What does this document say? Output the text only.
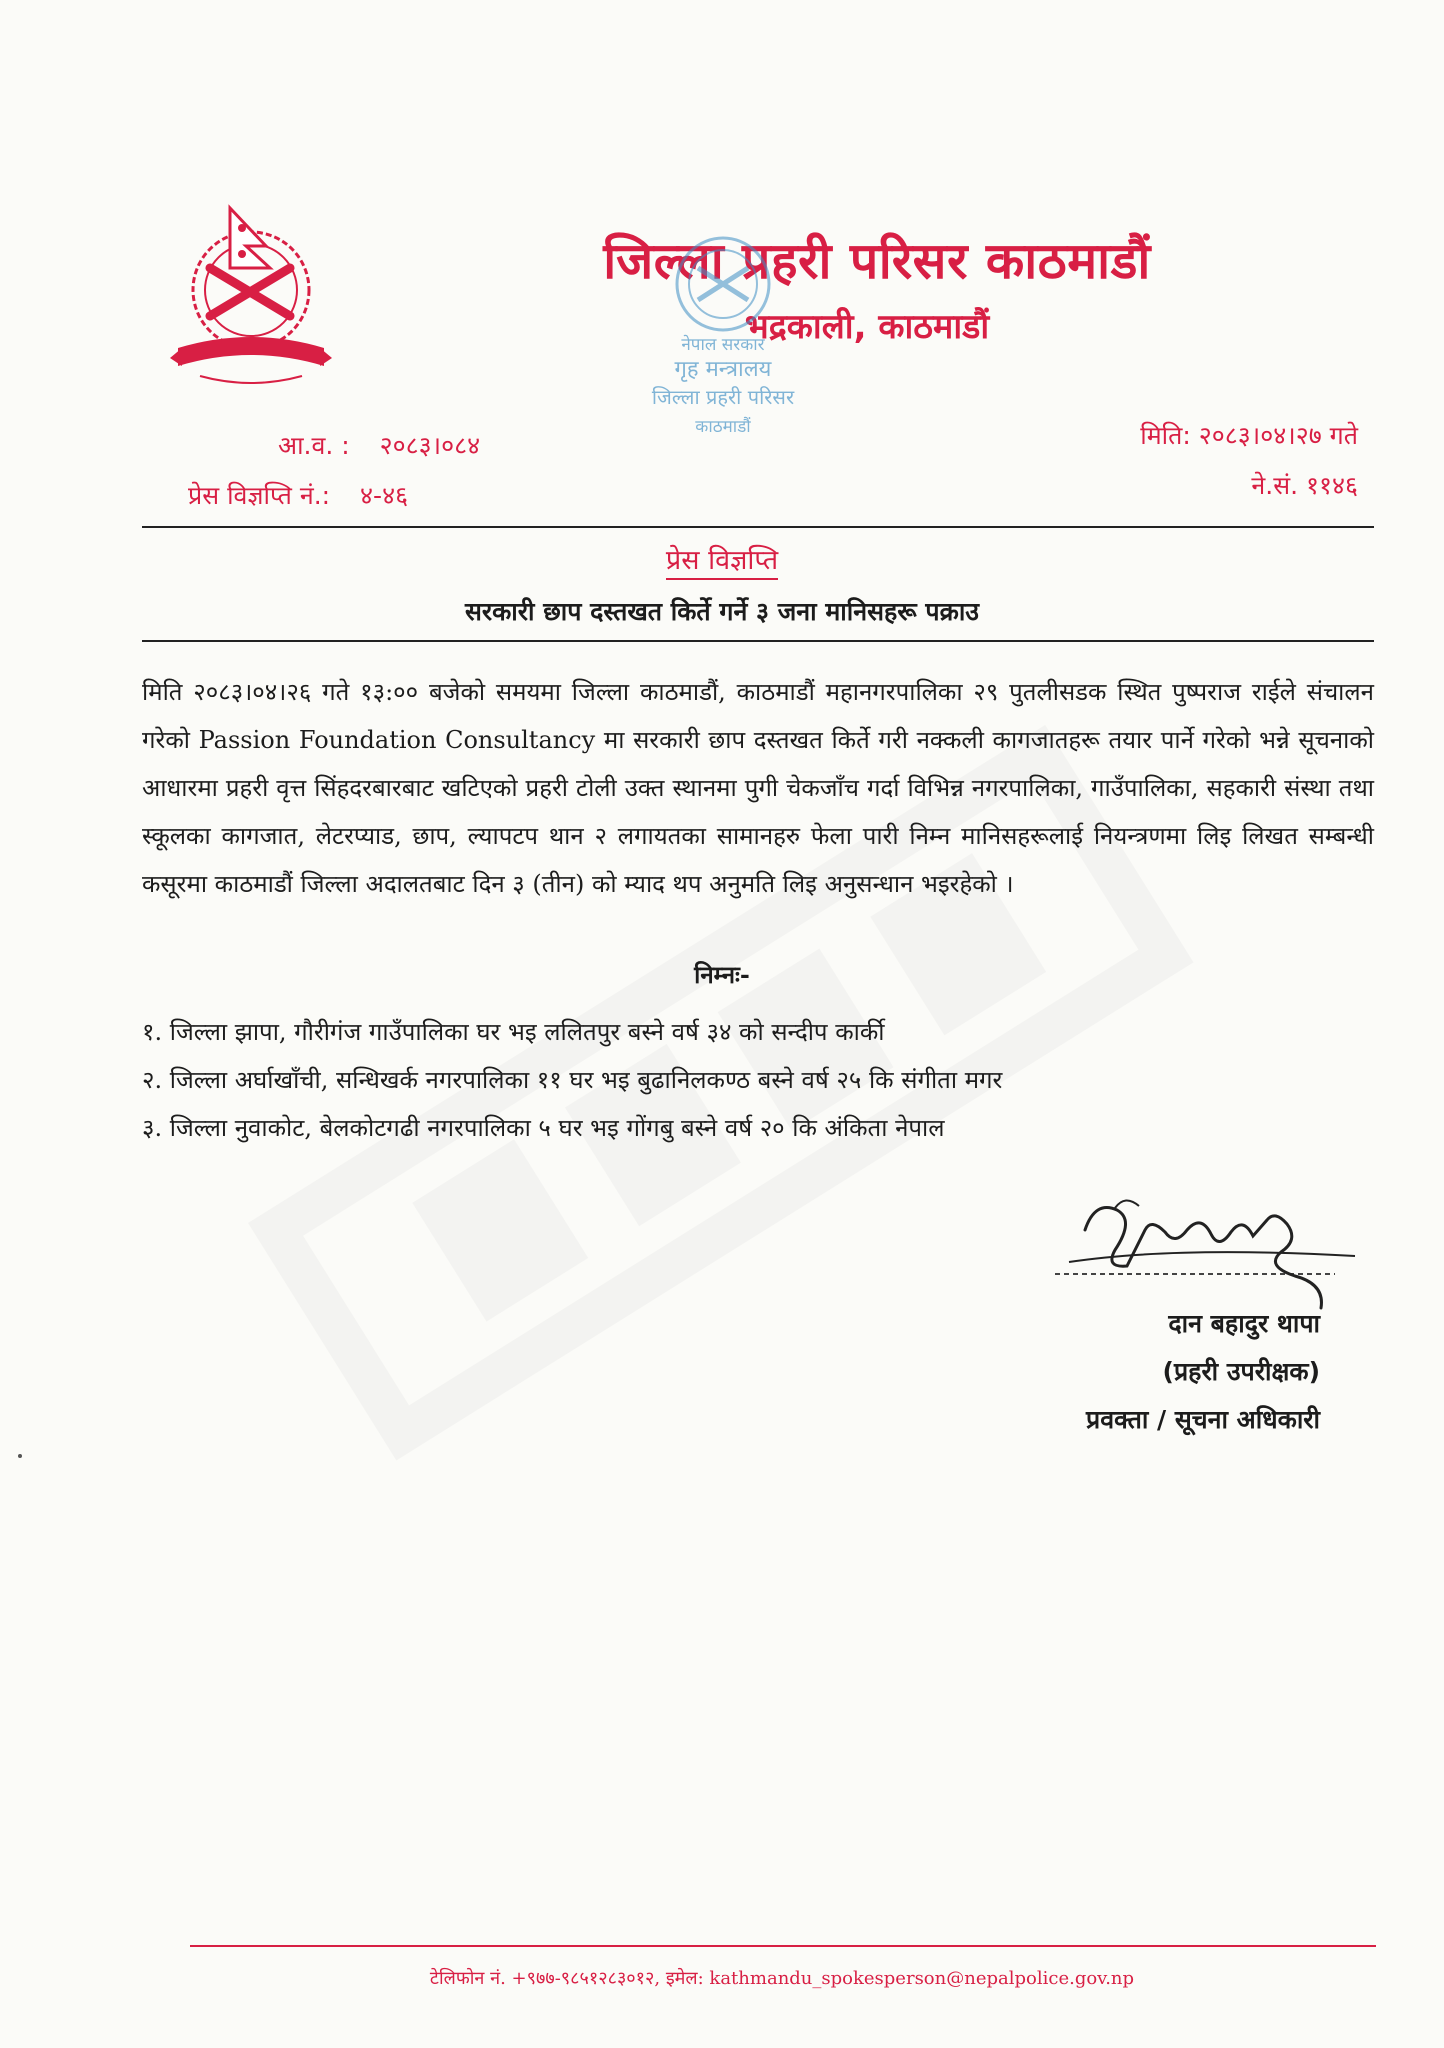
जिल्ला प्रहरी परिसर काठमाडौं
भद्रकाली, काठमाडौं
नेपाल सरकार
गृह मन्त्रालय
जिल्ला प्रहरी परिसर
काठमाडौं
आ.व. : २०८३।०८४
प्रेस विज्ञप्ति नं.: ४-४६
मिति: २०८३।०४।२७ गते
ने.सं. ११४६
प्रेस विज्ञप्ति
सरकारी छाप दस्तखत किर्ते गर्ने ३ जना मानिसहरू पक्राउ

मिति २०८३।०४।२६ गते १३:०० बजेको समयमा जिल्ला काठमाडौं, काठमाडौं महानगरपालिका २९ पुतलीसडक स्थित पुष्पराज राईले संचालन गरेको Passion Foundation Consultancy मा सरकारी छाप दस्तखत किर्ते गरी नक्कली कागजातहरू तयार पार्ने गरेको भन्ने सूचनाको आधारमा प्रहरी वृत्त सिंहदरबारबाट खटिएको प्रहरी टोली उक्त स्थानमा पुगी चेकजाँच गर्दा विभिन्न नगरपालिका, गाउँपालिका, सहकारी संस्था तथा स्कूलका कागजात, लेटरप्याड, छाप, ल्यापटप थान २ लगायतका सामानहरु फेला पारी निम्न मानिसहरूलाई नियन्त्रणमा लिइ लिखत सम्बन्धी कसूरमा काठमाडौं जिल्ला अदालतबाट दिन ३ (तीन) को म्याद थप अनुमति लिइ अनुसन्धान भइरहेको ।

निम्नः-
१. जिल्ला झापा, गौरीगंज गाउँपालिका घर भइ ललितपुर बस्ने वर्ष ३४ को सन्दीप कार्की
२. जिल्ला अर्घाखाँची, सन्धिखर्क नगरपालिका ११ घर भइ बुढानिलकण्ठ बस्ने वर्ष २५ कि संगीता मगर
३. जिल्ला नुवाकोट, बेलकोटगढी नगरपालिका ५ घर भइ गोंगबु बस्ने वर्ष २० कि अंकिता नेपाल
दान बहादुर थापा
(प्रहरी उपरीक्षक)
प्रवक्ता / सूचना अधिकारी
टेलिफोन नं. +९७७-९८५१२८३०१२, इमेल: kathmandu_spokesperson@nepalpolice.gov.np
